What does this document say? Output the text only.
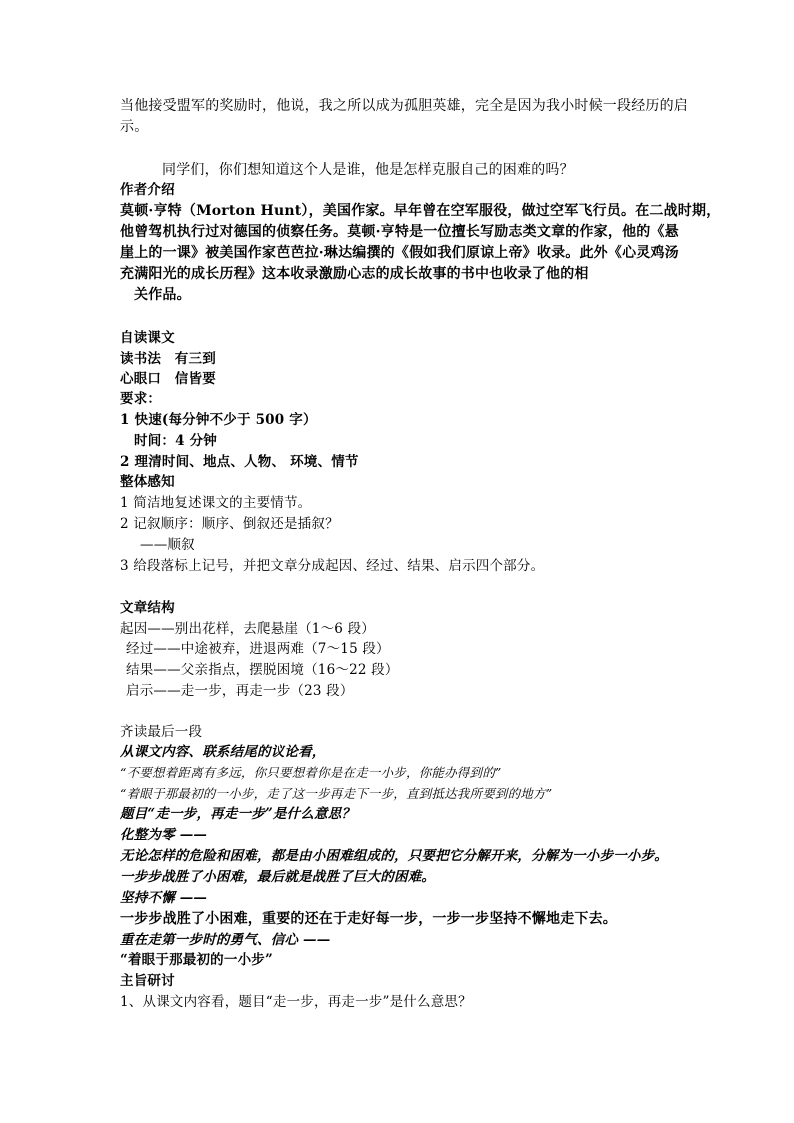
当他接受盟军的奖励时，他说，我之所以成为孤胆英雄，完全是因为我小时候一段经历的启
示。
同学们，你们想知道这个人是谁，他是怎样克服自己的困难的吗？
作者介绍
莫顿·亨特（Morton Hunt），美国作家。早年曾在空军服役，做过空军飞行员。在二战时期，
他曾驾机执行过对德国的侦察任务。莫顿·亨特是一位擅长写励志类文章的作家，他的《悬
崖上的一课》被美国作家芭芭拉·琳达编撰的《假如我们原谅上帝》收录。此外《心灵鸡汤
充满阳光的成长历程》这本收录激励心志的成长故事的书中也收录了他的相
关作品。
自读课文
读书法　有三到
心眼口　信皆要
要求：
1 快速(每分钟不少于 500 字）
时间：4 分钟
2 理清时间、地点、人物、 环境、情节
整体感知
1 简洁地复述课文的主要情节。
2 记叙顺序：顺序、倒叙还是插叙？
——顺叙
3 给段落标上记号，并把文章分成起因、经过、结果、启示四个部分。
文章结构
起因——别出花样，去爬悬崖（1～6 段）
经过——中途被弃，进退两难（7～15 段）
结果——父亲指点，摆脱困境（16～22 段）
启示——走一步，再走一步（23 段）
齐读最后一段
从课文内容、联系结尾的议论看，
“不要想着距离有多远，你只要想着你是在走一小步，你能办得到的”
“着眼于那最初的一小步，走了这一步再走下一步，直到抵达我所要到的地方”
题目“走一步，再走一步”是什么意思？
化整为零 ——
无论怎样的危险和困难，都是由小困难组成的，只要把它分解开来，分解为一小步一小步。
一步步战胜了小困难，最后就是战胜了巨大的困难。
坚持不懈 ——
一步步战胜了小困难，重要的还在于走好每一步，一步一步坚持不懈地走下去。
重在走第一步时的勇气、信心 ——
“着眼于那最初的一小步”
主旨研讨
1、从课文内容看，题目“走一步，再走一步”是什么意思？
